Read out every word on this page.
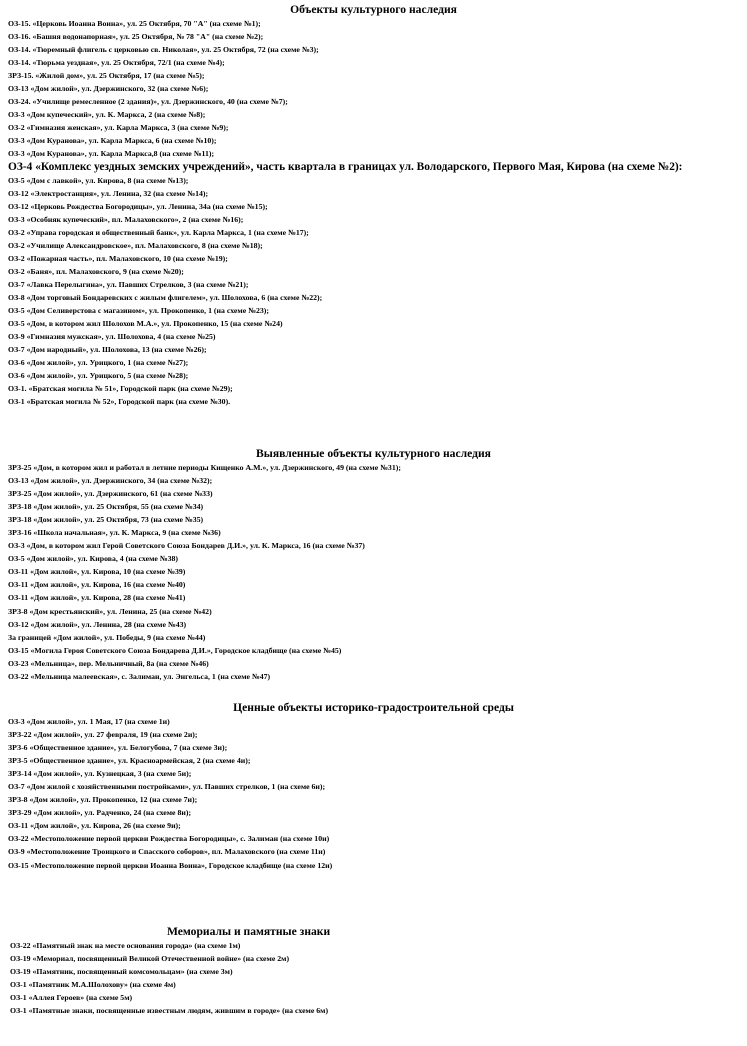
Объекты культурного наследия
ОЗ-15. «Церковь Иоанна Воина», ул. 25 Октября, 70 "А" (на схеме №1);
ОЗ-16. «Башня водонапорная», ул. 25 Октября, № 78 "А" (на схеме №2);
ОЗ-14. «Тюремный флигель с церковью св. Николая», ул. 25 Октября, 72 (на схеме №3);
ОЗ-14. «Тюрьма уездная», ул. 25 Октября, 72/1 (на схеме №4);
ЗРЗ-15. «Жилой дом», ул. 25 Октября, 17 (на схеме №5);
ОЗ-13 «Дом жилой», ул. Дзержинского, 32 (на схеме №6);
ОЗ-24. «Училище ремесленное (2 здания)», ул. Дзержинского, 40 (на схеме №7);
ОЗ-3 «Дом купеческий», ул. К. Маркса, 2 (на схеме №8);
ОЗ-2 «Гимназия женская», ул. Карла Маркса, 3 (на схеме №9);
ОЗ-3 «Дом Куранова», ул. Карла Маркса, 6 (на схеме №10);
ОЗ-3 «Дом Куранова», ул. Карла Маркса,8 (на схеме №11);
ОЗ-4 «Комплекс уездных земских учреждений», часть квартала в границах ул. Володарского, Первого Мая, Кирова (на схеме №2):
ОЗ-5 «Дом с лавкой», ул. Кирова, 8 (на схеме №13);
ОЗ-12 «Электростанция», ул. Ленина, 32 (на схеме №14);
ОЗ-12 «Церковь Рождества Богородицы», ул. Ленина, 34а (на схеме №15);
ОЗ-3 «Особняк купеческий», пл. Малаховского», 2 (на схеме №16);
ОЗ-2 «Управа городская и общественный банк», ул. Карла Маркса, 1 (на схеме №17);
ОЗ-2 «Училище Александровское», пл. Малаховского, 8 (на схеме №18);
ОЗ-2 «Пожарная часть», пл. Малаховского, 10 (на схеме №19);
ОЗ-2 «Баня», пл. Малаховского, 9 (на схеме №20);
ОЗ-7 «Лавка Перелыгина», ул. Павших Стрелков, 3 (на схеме №21);
ОЗ-8 «Дом торговый Бондаревских с жилым флигелем», ул. Шолохова, 6 (на схеме №22);
ОЗ-5 «Дом Селиверстова с магазином», ул. Прокопенко, 1 (на схеме №23);
ОЗ-5 «Дом, в котором жил Шолохов М.А.», ул. Прокопенко, 15 (на схеме №24)
ОЗ-9 «Гимназия мужская», ул. Шолохова, 4 (на схеме №25)
ОЗ-7 «Дом народный», ул. Шолохова, 13 (на схеме №26);
ОЗ-6 «Дом жилой», ул. Урицкого, 1 (на схеме №27);
ОЗ-6 «Дом жилой», ул. Урицкого, 5 (на схеме №28);
ОЗ-1. «Братская могила № 51», Городской парк (на схеме №29);
ОЗ-1 «Братская могила № 52», Городской парк (на схеме №30).
Выявленные объекты культурного наследия
ЗРЗ-25 «Дом, в котором жил и работал в летние периоды Кищенко А.М.», ул. Дзержинского, 49 (на схеме №31);
ОЗ-13 «Дом жилой», ул. Дзержинского, 34 (на схеме №32);
ЗРЗ-25 «Дом жилой», ул. Дзержинского, 61 (на схеме №33)
ЗРЗ-18 «Дом жилой», ул. 25 Октября, 55 (на схеме №34)
ЗРЗ-18 «Дом жилой», ул. 25 Октября, 73 (на схеме №35)
ЗРЗ-16 «Школа начальная», ул. К. Маркса, 9 (на схеме №36)
ОЗ-3 «Дом, в котором жил Герой Советского Союза Бондарев Д.И.», ул. К. Маркса, 16 (на схеме №37)
ОЗ-5 «Дом жилой», ул. Кирова, 4 (на схеме №38)
ОЗ-11 «Дом жилой», ул. Кирова, 10 (на схеме №39)
ОЗ-11 «Дом жилой», ул. Кирова, 16 (на схеме №40)
ОЗ-11 «Дом жилой», ул. Кирова, 28 (на схеме №41)
ЗРЗ-8 «Дом крестьянский», ул. Ленина, 25 (на схеме №42)
ОЗ-12 «Дом жилой», ул. Ленина, 28 (на схеме №43)
За границей «Дом жилой», ул. Победы, 9 (на схеме №44)
ОЗ-15 «Могила Героя Советского Союза Бондарева Д.И.», Городское кладбище (на схеме №45)
ОЗ-23 «Мельница», пер. Мельничный, 8а (на схеме №46)
ОЗ-22 «Мельница малеевская», с. Залиман, ул. Энгельса, 1 (на схеме №47)
Ценные объекты историко-градостроительной среды
ОЗ-3 «Дом жилой», ул. 1 Мая, 17 (на схеме 1и)
ЗРЗ-22 «Дом жилой», ул. 27 февраля, 19 (на схеме 2и);
ЗРЗ-6 «Общественное здание», ул. Белогубова, 7 (на схеме 3и);
ЗРЗ-5 «Общественное здание», ул. Красноармейская, 2 (на схеме 4и);
ЗРЗ-14 «Дом жилой», ул. Кузнецкая, 3 (на схеме 5и);
ОЗ-7 «Дом жилой с хозяйственными постройками», ул. Павших стрелков, 1 (на схеме 6и);
ЗРЗ-8 «Дом жилой», ул. Прокопенко, 12 (на схеме 7и);
ЗРЗ-29 «Дом жилой», ул. Радченко, 24 (на схеме 8и);
ОЗ-11 «Дом жилой», ул. Кирова, 26 (на схеме 9и);
ОЗ-22 «Местоположение первой церкви Рождества Богородицы», с. Залиман (на схеме 10и)
ОЗ-9 «Местоположение Троицкого и Спасского соборов», пл. Малаховского (на схеме 11и)
ОЗ-15 «Местоположение первой церкви Иоанна Воина», Городское кладбище (на схеме 12и)
Мемориалы и памятные знаки
ОЗ-22 «Памятный знак на месте основания города» (на схеме 1м)
ОЗ-19 «Мемориал, посвященный Великой Отечественной войне» (на схеме 2м)
ОЗ-19 «Памятник, посвященный комсомольцам» (на схеме 3м)
ОЗ-1 «Памятник М.А.Шолохову» (на схеме 4м)
ОЗ-1 «Аллея Героев» (на схеме 5м)
ОЗ-1 «Памятные знаки, посвященные известным людям, жившим в городе» (на схеме 6м)
